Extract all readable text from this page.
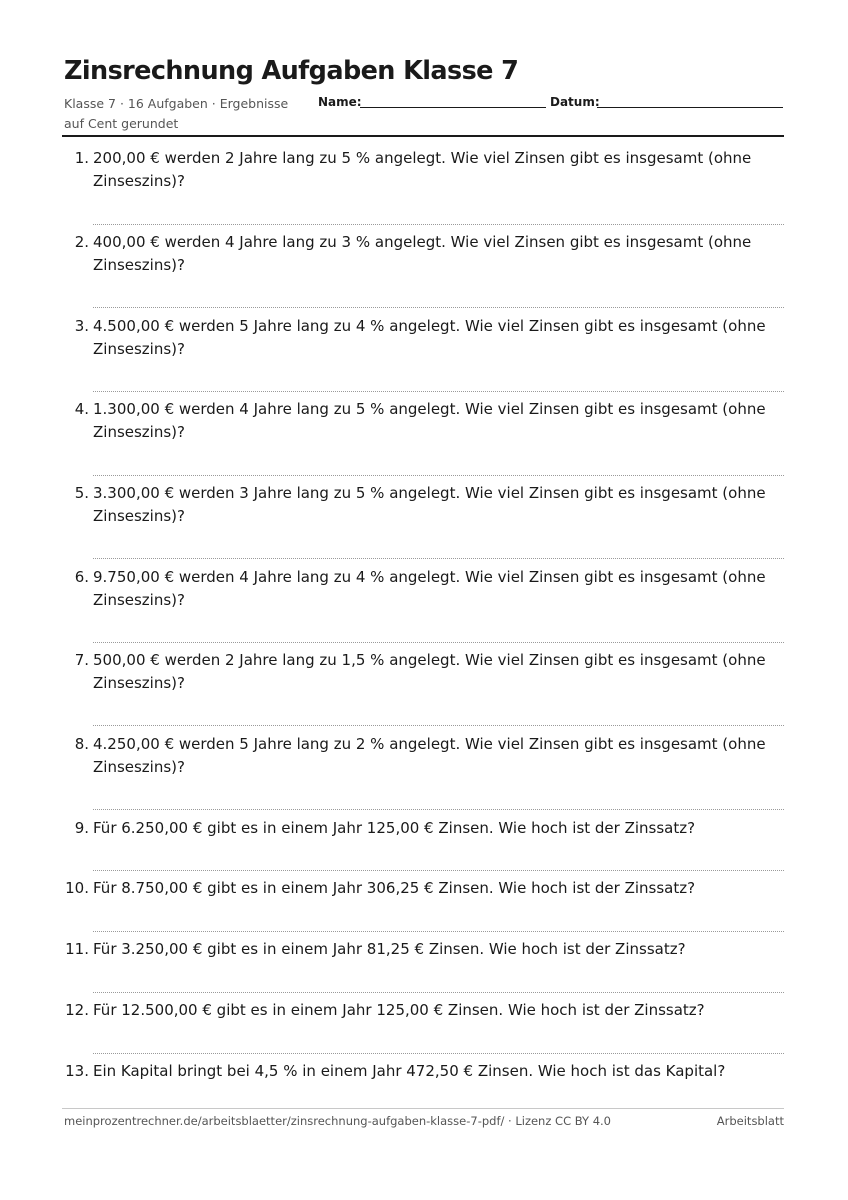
Zinsrechnung Aufgaben Klasse 7
Klasse 7 · 16 Aufgaben · Ergebnisse auf Cent gerundet
Name:	Datum:
1. 200,00 € werden 2 Jahre lang zu 5 % angelegt. Wie viel Zinsen gibt es insgesamt (ohne Zinseszins)?
2. 400,00 € werden 4 Jahre lang zu 3 % angelegt. Wie viel Zinsen gibt es insgesamt (ohne Zinseszins)?
3. 4.500,00 € werden 5 Jahre lang zu 4 % angelegt. Wie viel Zinsen gibt es insgesamt (ohne Zinseszins)?
4. 1.300,00 € werden 4 Jahre lang zu 5 % angelegt. Wie viel Zinsen gibt es insgesamt (ohne Zinseszins)?
5. 3.300,00 € werden 3 Jahre lang zu 5 % angelegt. Wie viel Zinsen gibt es insgesamt (ohne Zinseszins)?
6. 9.750,00 € werden 4 Jahre lang zu 4 % angelegt. Wie viel Zinsen gibt es insgesamt (ohne Zinseszins)?
7. 500,00 € werden 2 Jahre lang zu 1,5 % angelegt. Wie viel Zinsen gibt es insgesamt (ohne Zinseszins)?
8. 4.250,00 € werden 5 Jahre lang zu 2 % angelegt. Wie viel Zinsen gibt es insgesamt (ohne Zinseszins)?
9. Für 6.250,00 € gibt es in einem Jahr 125,00 € Zinsen. Wie hoch ist der Zinssatz?
10. Für 8.750,00 € gibt es in einem Jahr 306,25 € Zinsen. Wie hoch ist der Zinssatz?
11. Für 3.250,00 € gibt es in einem Jahr 81,25 € Zinsen. Wie hoch ist der Zinssatz?
12. Für 12.500,00 € gibt es in einem Jahr 125,00 € Zinsen. Wie hoch ist der Zinssatz?
13. Ein Kapital bringt bei 4,5 % in einem Jahr 472,50 € Zinsen. Wie hoch ist das Kapital?
meinprozentrechner.de/arbeitsblaetter/zinsrechnung-aufgaben-klasse-7-pdf/ · Lizenz CC BY 4.0	Arbeitsblatt
